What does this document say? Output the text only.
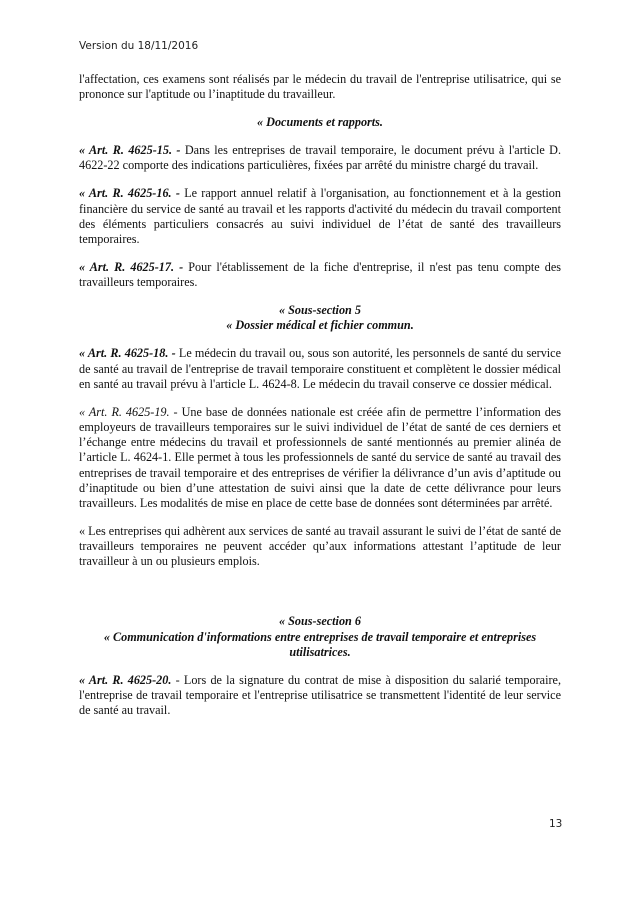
Version du 18/11/2016

l'affectation, ces examens sont réalisés par le médecin du travail de l'entreprise utilisatrice, qui se prononce sur l'aptitude ou l’inaptitude du travailleur.

« Documents et rapports.

« Art. R. 4625-15. - Dans les entreprises de travail temporaire, le document prévu à l'article D. 4622-22 comporte des indications particulières, fixées par arrêté du ministre chargé du travail.

« Art. R. 4625-16. - Le rapport annuel relatif à l'organisation, au fonctionnement et à la gestion financière du service de santé au travail et les rapports d'activité du médecin du travail comportent des éléments particuliers consacrés au suivi individuel de l’état de santé des travailleurs temporaires.

« Art. R. 4625-17. - Pour l'établissement de la fiche d'entreprise, il n'est pas tenu compte des travailleurs temporaires.

« Sous-section 5
« Dossier médical et fichier commun.

« Art. R. 4625-18. - Le médecin du travail ou, sous son autorité, les personnels de santé du service de santé au travail de l'entreprise de travail temporaire constituent et complètent le dossier médical en santé au travail prévu à l'article L. 4624-8. Le médecin du travail conserve ce dossier médical.

« Art. R. 4625-19. - Une base de données nationale est créée afin de permettre l’information des employeurs de travailleurs temporaires sur le suivi individuel de l’état de santé de ces derniers et l’échange entre médecins du travail et professionnels de santé mentionnés au premier alinéa de l’article L. 4624-1. Elle permet à tous les professionnels de santé du service de santé au travail des entreprises de travail temporaire et des entreprises de vérifier la délivrance d’un avis d’aptitude ou d’inaptitude ou bien d’une attestation de suivi ainsi que la date de cette délivrance pour leurs travailleurs. Les modalités de mise en place de cette base de données sont déterminées par arrêté.

« Les entreprises qui adhèrent aux services de santé au travail assurant le suivi de l’état de santé de travailleurs temporaires ne peuvent accéder qu’aux informations attestant l’aptitude de leur travailleur à un ou plusieurs emplois.

« Sous-section 6
« Communication d'informations entre entreprises de travail temporaire et entreprises utilisatrices.

« Art. R. 4625-20. - Lors de la signature du contrat de mise à disposition du salarié temporaire, l'entreprise de travail temporaire et l'entreprise utilisatrice se transmettent l'identité de leur service de santé au travail.

13
